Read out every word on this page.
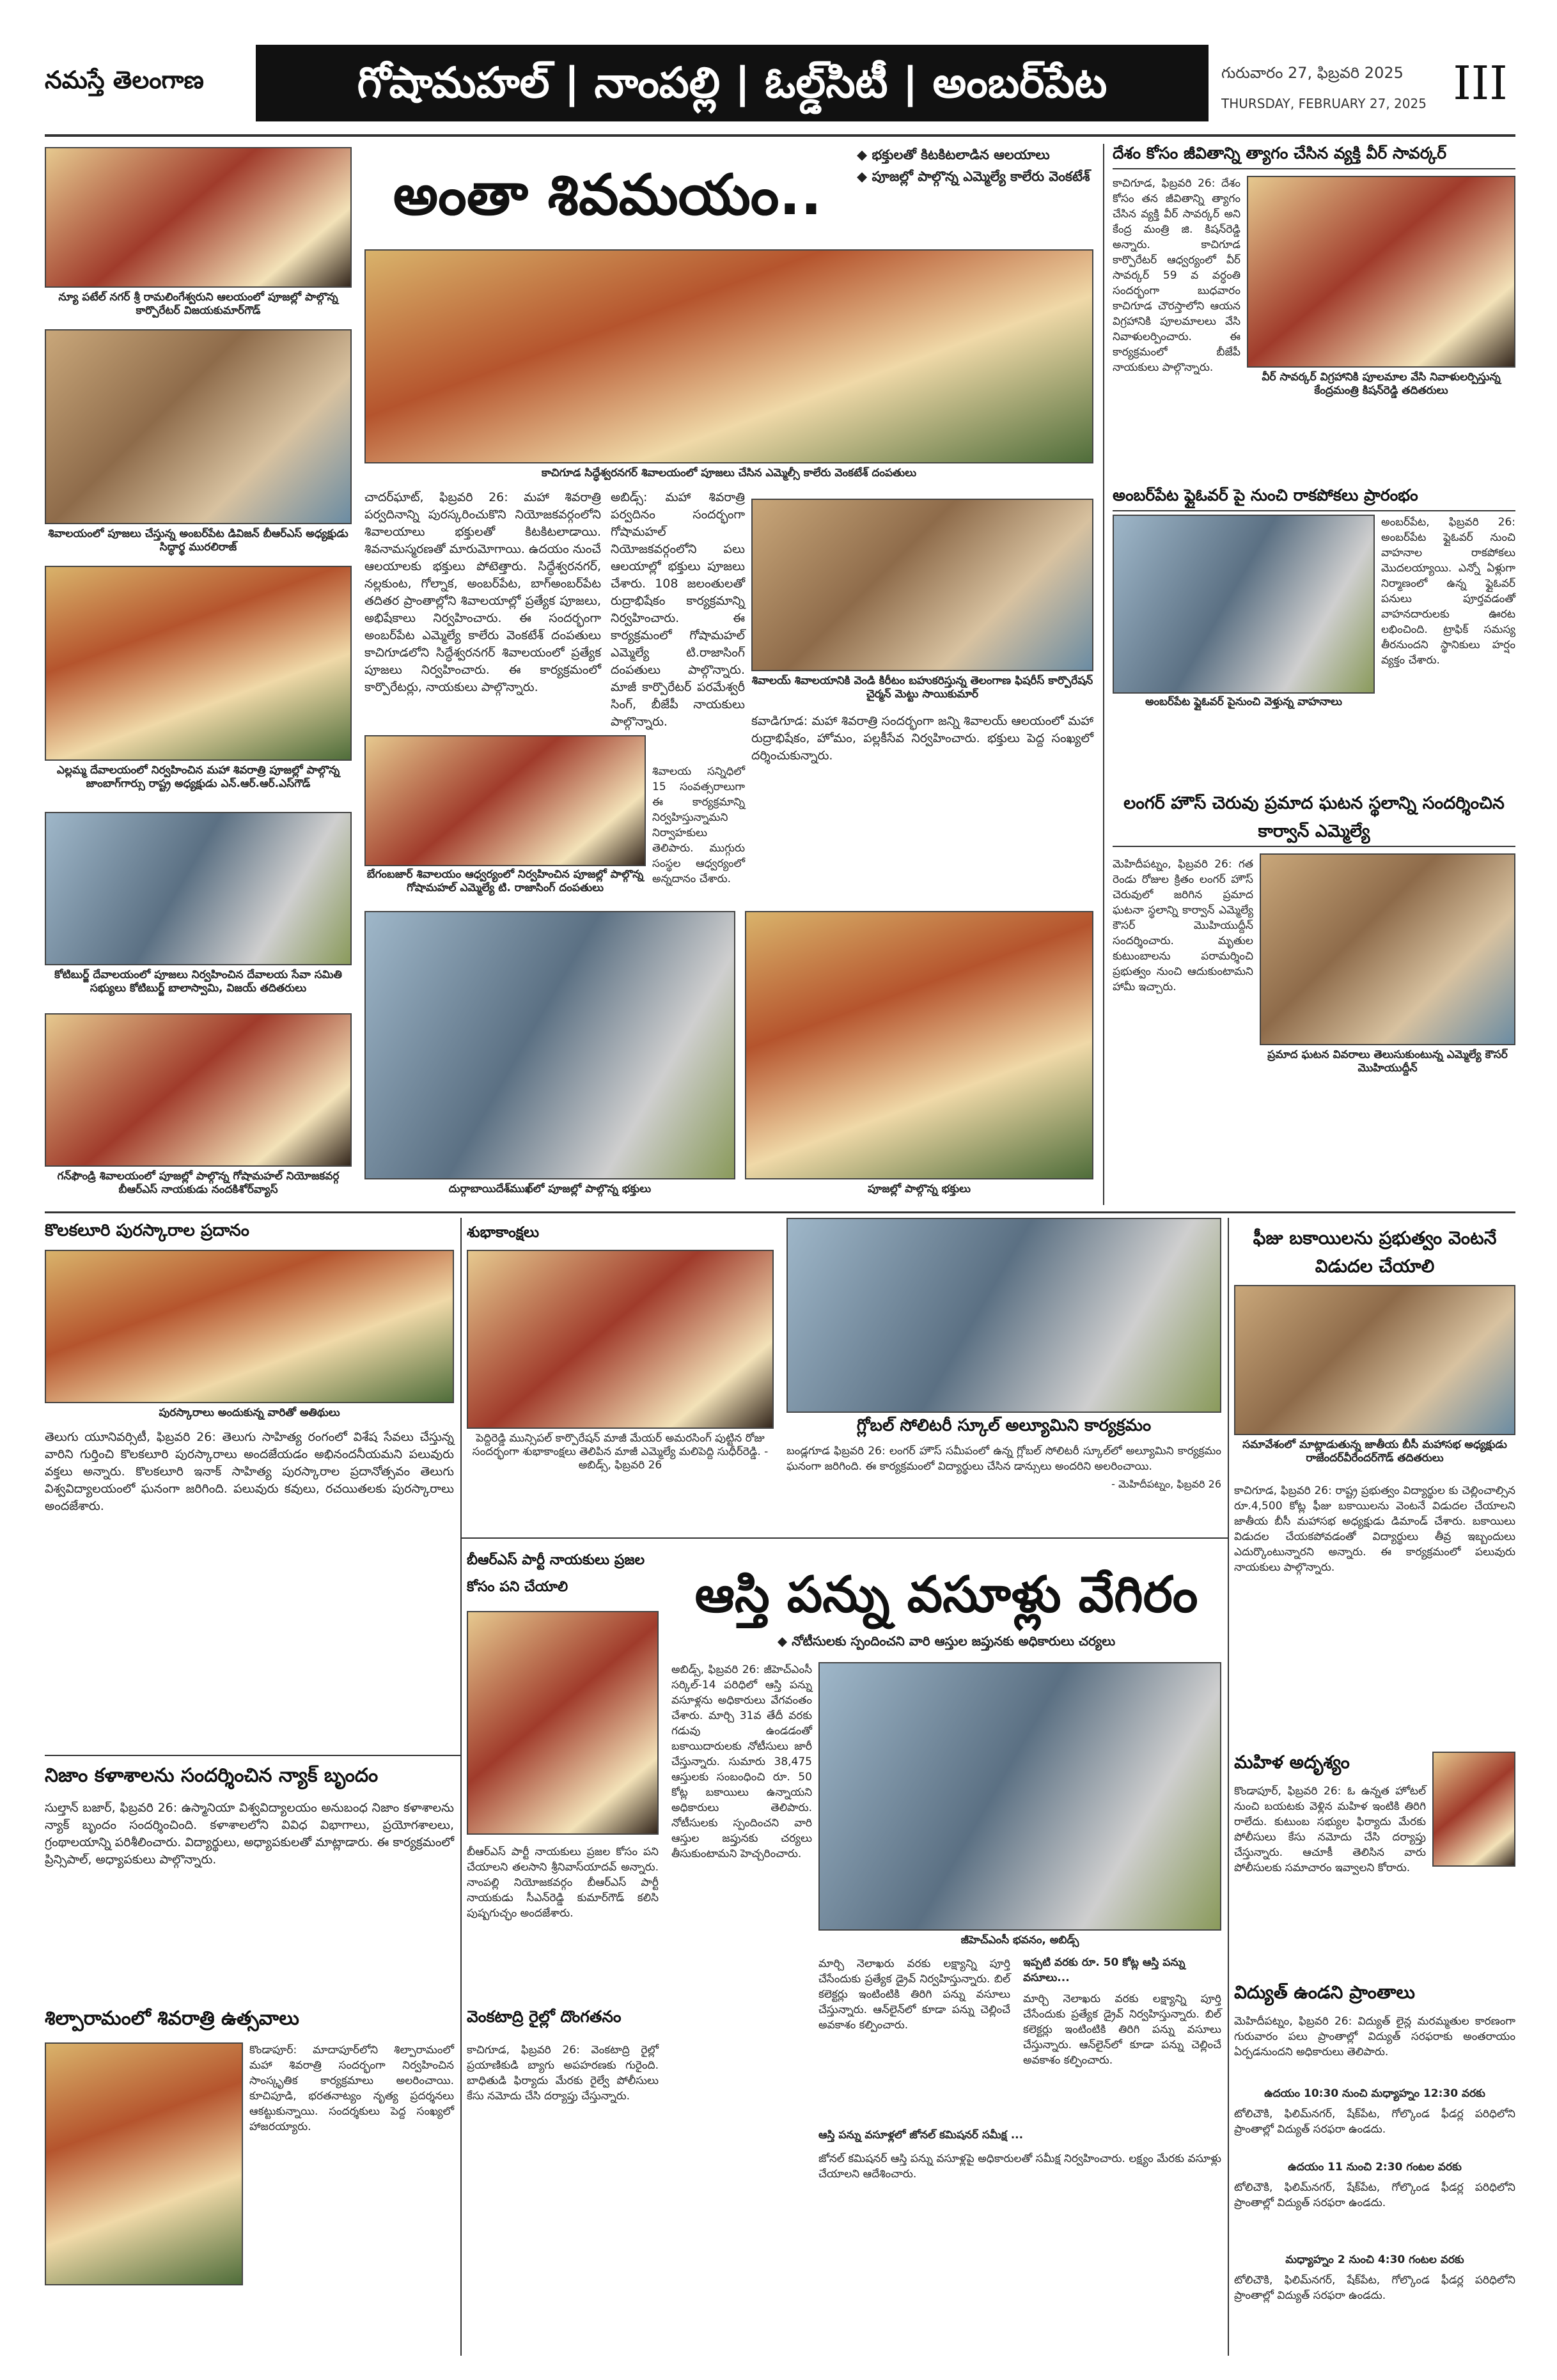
నమస్తే తెలంగాణ	గోషామహల్ | నాంపల్లి | ఓల్డ్‌సిటీ | అంబర్‌పేట	గురువారం 27, ఫిబ్రవరి 2025
THURSDAY, FEBRUARY 27, 2025 III
న్యూ పటేల్ నగర్ శ్రీ రామలింగేశ్వరుని ఆలయంలో పూజల్లో పాల్గొన్న కార్పొరేటర్ విజయకుమార్‌గౌడ్
శివాలయంలో పూజలు చేస్తున్న అంబర్‌పేట డివిజన్ బీఆర్‌ఎస్ అధ్యక్షుడు సిద్ధార్థ మురలిరాజ్
ఎల్లమ్మ దేవాలయంలో నిర్వహించిన మహా శివరాత్రి పూజల్లో పాల్గొన్న జాంబాగ్‌గార్సు రాష్ట్ర అధ్యక్షుడు ఎన్.ఆర్.ఆర్.ఎస్‌గౌడ్
కోటిబుర్జ్ దేవాలయంలో పూజలు నిర్వహించిన దేవాలయ సేవా సమితి సభ్యులు కోటిబుర్జ్ బాలాస్వామి, విజయ్ తదితరులు
గన్‌ఫౌండ్రి శివాలయంలో పూజల్లో పాల్గొన్న గోషామహల్ నియోజకవర్గ బీఆర్‌ఎస్ నాయకుడు నందకిశోర్‌వ్యాస్
అంతా శివమయం..
◆ భక్తులతో కిటకిటలాడిన ఆలయాలు
◆ పూజల్లో పాల్గొన్న ఎమ్మెల్యే కాలేరు వెంకటేశ్
కాచిగూడ సిద్ధేశ్వరనగర్ శివాలయంలో పూజలు చేసిన ఎమ్మెల్సీ కాలేరు వెంకటేశ్ దంపతులు
చాదర్‌ఘాట్, ఫిబ్రవరి 26: మహా శివరాత్రి పర్వదినాన్ని పురస్కరించుకొని నియోజకవర్గంలోని శివాలయాలు భక్తులతో కిటకిటలాడాయి. శివనామస్మరణతో మారుమోగాయి. ఉదయం నుంచే ఆలయాలకు భక్తులు పోటెత్తారు. సిద్ధేశ్వరనగర్, నల్లకుంట, గోల్నాక, అంబర్‌పేట, బాగ్‌అంబర్‌పేట తదితర ప్రాంతాల్లోని శివాలయాల్లో ప్రత్యేక పూజలు, అభిషేకాలు నిర్వహించారు. ఈ సందర్భంగా అంబర్‌పేట ఎమ్మెల్యే కాలేరు వెంకటేశ్ దంపతులు కాచిగూడలోని సిద్ధేశ్వరనగర్ శివాలయంలో ప్రత్యేక పూజలు నిర్వహించారు. ఈ కార్యక్రమంలో కార్పొరేటర్లు, నాయకులు పాల్గొన్నారు.
అబిడ్స్: మహా శివరాత్రి పర్వదినం సందర్భంగా గోషామహల్ నియోజకవర్గంలోని పలు ఆలయాల్లో భక్తులు పూజలు చేశారు. 108 జలంతులతో రుద్రాభిషేకం కార్యక్రమాన్ని నిర్వహించారు. ఈ కార్యక్రమంలో గోషామహల్ ఎమ్మెల్యే టి.రాజాసింగ్ దంపతులు పాల్గొన్నారు. మాజీ కార్పొరేటర్ పరమేశ్వరీ సింగ్, బీజేపీ నాయకులు పాల్గొన్నారు.
శివాలయ్ శివాలయానికి వెండి కిరీటం బహుకరిస్తున్న తెలంగాణ ఫిషరీస్ కార్పొరేషన్ చైర్మన్ మెట్టు సాయికుమార్
కవాడిగూడ: మహా శివరాత్రి సందర్భంగా జన్ని శివాలయ్ ఆలయంలో మహా రుద్రాభిషేకం, హోమం, పల్లకీసేవ నిర్వహించారు. భక్తులు పెద్ద సంఖ్యలో దర్శించుకున్నారు.
బేగంబజార్ శివాలయం ఆధ్వర్యంలో నిర్వహించిన పూజల్లో పాల్గొన్న గోషామహల్ ఎమ్మెల్యే టి. రాజాసింగ్ దంపతులు
శివాలయ సన్నిధిలో 15 సంవత్సరాలుగా ఈ కార్యక్రమాన్ని నిర్వహిస్తున్నామని నిర్వాహకులు తెలిపారు. ముగ్గురు సంస్థల ఆధ్వర్యంలో అన్నదానం చేశారు.
దుర్గాబాయిదేశ్‌ముఖ్‌లో పూజల్లో పాల్గొన్న భక్తులు	పూజల్లో పాల్గొన్న భక్తులు
దేశం కోసం జీవితాన్ని త్యాగం చేసిన వ్యక్తి వీర్ సావర్కర్
కాచిగూడ, ఫిబ్రవరి 26: దేశం కోసం తన జీవితాన్ని త్యాగం చేసిన వ్యక్తి వీర్ సావర్కర్ అని కేంద్ర మంత్రి జి. కిషన్‌రెడ్డి అన్నారు. కాచిగూడ కార్పొరేటర్ ఆధ్వర్యంలో వీర్ సావర్కర్ 59 వ వర్ధంతి సందర్భంగా బుధవారం కాచిగూడ చౌరస్తాలోని ఆయన విగ్రహానికి పూలమాలలు వేసి నివాళులర్పించారు. ఈ కార్యక్రమంలో బీజేపీ నాయకులు పాల్గొన్నారు.
వీర్ సావర్కర్ విగ్రహానికి పూలమాల వేసి నివాళులర్పిస్తున్న కేంద్రమంత్రి కిషన్‌రెడ్డి తదితరులు
అంబర్‌పేట ఫ్లైఓవర్ పై నుంచి రాకపోకలు ప్రారంభం
అంబర్‌పేట ఫ్లైఓవర్ పైనుంచి వెళ్తున్న వాహనాలు
అంబర్‌పేట, ఫిబ్రవరి 26: అంబర్‌పేట ఫ్లైఓవర్ నుంచి వాహనాల రాకపోకలు మొదలయ్యాయి. ఎన్నో ఏళ్లుగా నిర్మాణంలో ఉన్న ఫ్లైఓవర్ పనులు పూర్తవడంతో వాహనదారులకు ఊరట లభించింది. ట్రాఫిక్ సమస్య తీరనుందని స్థానికులు హర్షం వ్యక్తం చేశారు.
లంగర్ హౌస్ చెరువు ప్రమాద ఘటన స్థలాన్ని సందర్శించిన కార్వాన్ ఎమ్మెల్యే
మెహిదీపట్నం, ఫిబ్రవరి 26: గత రెండు రోజుల క్రితం లంగర్ హౌస్ చెరువులో జరిగిన ప్రమాద ఘటనా స్థలాన్ని కార్వాన్ ఎమ్మెల్యే కౌసర్ మొహియుద్దీన్ సందర్శించారు. మృతుల కుటుంబాలను పరామర్శించి ప్రభుత్వం నుంచి ఆదుకుంటామని హామీ ఇచ్చారు.
ప్రమాద ఘటన వివరాలు తెలుసుకుంటున్న ఎమ్మెల్యే కౌసర్ మొహియుద్దీన్
కొలకలూరి పురస్కారాల ప్రదానం
పురస్కారాలు అందుకున్న వారితో అతిథులు
తెలుగు యూనివర్సిటీ, ఫిబ్రవరి 26: తెలుగు సాహిత్య రంగంలో విశేష సేవలు చేస్తున్న వారిని గుర్తించి కొలకలూరి పురస్కారాలు అందజేయడం అభినందనీయమని పలువురు వక్తలు అన్నారు. కొలకలూరి ఇనాక్ సాహిత్య పురస్కారాల ప్రదానోత్సవం తెలుగు విశ్వవిద్యాలయంలో ఘనంగా జరిగింది. పలువురు కవులు, రచయితలకు పురస్కారాలు అందజేశారు.
శుభాకాంక్షలు
పెద్దిరెడ్డి మున్సిపల్ కార్పొరేషన్ మాజీ మేయర్ అమరసింగ్‌ పుట్టిన రోజు సందర్భంగా శుభాకాంక్షలు తెలిపిన మాజీ ఎమ్మెల్యే మలిపెద్ది సుధీర్‌రెడ్డి. - అబిడ్స్, ఫిబ్రవరి 26
గ్లోబల్ సోలిటరీ స్కూల్ అల్యూమిని కార్యక్రమం
బండ్లగూడ ఫిబ్రవరి 26: లంగర్ హౌస్ సమీపంలో ఉన్న గ్లోబల్ సోలిటరీ స్కూల్‌లో అల్యూమిని కార్యక్రమం ఘనంగా జరిగింది. ఈ కార్యక్రమంలో విద్యార్థులు చేసిన డాన్సులు అందరిని అలరించాయి.
- మెహిదీపట్నం, ఫిబ్రవరి 26
ఫీజు బకాయిలను ప్రభుత్వం వెంటనే విడుదల చేయాలి
సమావేశంలో మాట్లాడుతున్న జాతీయ బీసీ మహాసభ అధ్యక్షుడు రాజేందర్‌వీరేందర్‌గౌడ్ తదితరులు
కాచిగూడ, ఫిబ్రవరి 26: రాష్ట్ర ప్రభుత్వం విద్యార్థుల కు చెల్లించాల్సిన రూ.4,500 కోట్ల ఫీజు బకాయిలను వెంటనే విడుదల చేయాలని జాతీయ బీసీ మహాసభ అధ్యక్షుడు డిమాండ్ చేశారు. బకాయిలు విడుదల చేయకపోవడంతో విద్యార్థులు తీవ్ర ఇబ్బందులు ఎదుర్కొంటున్నారని అన్నారు. ఈ కార్యక్రమంలో పలువురు నాయకులు పాల్గొన్నారు.
నిజాం కళాశాలను సందర్శించిన న్యాక్ బృందం
సుల్తాన్ బజార్, ఫిబ్రవరి 26: ఉస్మానియా విశ్వవిద్యాలయం అనుబంధ నిజాం కళాశాలను న్యాక్ బృందం సందర్శించింది. కళాశాలలోని వివిధ విభాగాలు, ప్రయోగశాలలు, గ్రంథాలయాన్ని పరిశీలించారు. విద్యార్థులు, అధ్యాపకులతో మాట్లాడారు. ఈ కార్యక్రమంలో ప్రిన్సిపాల్, అధ్యాపకులు పాల్గొన్నారు.
శిల్పారామంలో శివరాత్రి ఉత్సవాలు
కొండాపూర్: మాదాపూర్‌లోని శిల్పారామంలో మహా శివరాత్రి సందర్భంగా నిర్వహించిన సాంస్కృతిక కార్యక్రమాలు అలరించాయి. కూచిపూడి, భరతనాట్యం నృత్య ప్రదర్శనలు ఆకట్టుకున్నాయి. సందర్శకులు పెద్ద సంఖ్యలో హాజరయ్యారు.
బీఆర్‌ఎస్ పార్టీ నాయకులు ప్రజల కోసం పని చేయాలి
బీఆర్‌ఎస్ పార్టీ నాయకులు ప్రజల కోసం పని చేయాలని తలసాని శ్రీనివాస్‌యాదవ్ అన్నారు. నాంపల్లి నియోజకవర్గం బీఆర్‌ఎస్ పార్టీ నాయకుడు సీఎన్‌రెడ్డి కుమార్‌గౌడ్ కలిసి పుష్పగుచ్ఛం అందజేశారు.
వెంకటాద్రి రైల్లో దొంగతనం
కాచిగూడ, ఫిబ్రవరి 26: వెంకటాద్రి రైల్లో ప్రయాణికుడి బ్యాగు అపహరణకు గురైంది. బాధితుడి ఫిర్యాదు మేరకు రైల్వే పోలీసులు కేసు నమోదు చేసి దర్యాప్తు చేస్తున్నారు.
ఆస్తి పన్ను వసూళ్లు వేగిరం
◆ నోటీసులకు స్పందించని వారి ఆస్తుల జప్తునకు అధికారులు చర్యలు
అబిడ్స్, ఫిబ్రవరి 26: జీహెచ్‌ఎంసీ సర్కిల్-14 పరిధిలో ఆస్తి పన్ను వసూళ్లను అధికారులు వేగవంతం చేశారు. మార్చి 31వ తేదీ వరకు గడువు ఉండడంతో బకాయిదారులకు నోటీసులు జారీ చేస్తున్నారు. సుమారు 38,475 ఆస్తులకు సంబంధించి రూ. 50 కోట్ల బకాయిలు ఉన్నాయని అధికారులు తెలిపారు. నోటీసులకు స్పందించని వారి ఆస్తుల జప్తునకు చర్యలు తీసుకుంటామని హెచ్చరించారు.
జీహెచ్‌ఎంసీ భవనం, అబిడ్స్
మార్చి నెలాఖరు వరకు లక్ష్యాన్ని పూర్తి చేసేందుకు ప్రత్యేక డ్రైవ్ నిర్వహిస్తున్నారు. బిల్ కలెక్టర్లు ఇంటింటికి తిరిగి పన్ను వసూలు చేస్తున్నారు. ఆన్‌లైన్‌లో కూడా పన్ను చెల్లించే అవకాశం కల్పించారు.
ఇప్పటి వరకు రూ. 50 కోట్ల ఆస్తి పన్ను వసూలు...
మార్చి నెలాఖరు వరకు లక్ష్యాన్ని పూర్తి చేసేందుకు ప్రత్యేక డ్రైవ్ నిర్వహిస్తున్నారు. బిల్ కలెక్టర్లు ఇంటింటికి తిరిగి పన్ను వసూలు చేస్తున్నారు. ఆన్‌లైన్‌లో కూడా పన్ను చెల్లించే అవకాశం కల్పించారు.
ఆస్తి పన్ను వసూళ్లలో జోనల్ కమిషనర్ సమీక్ష ...
జోనల్ కమిషనర్ ఆస్తి పన్ను వసూళ్లపై అధికారులతో సమీక్ష నిర్వహించారు. లక్ష్యం మేరకు వసూళ్లు చేయాలని ఆదేశించారు.
మహిళ అదృశ్యం
కొండాపూర్, ఫిబ్రవరి 26: ఓ ఉన్నత హోటల్ నుంచి బయటకు వెళ్లిన మహిళ ఇంటికి తిరిగి రాలేదు. కుటుంబ సభ్యుల ఫిర్యాదు మేరకు పోలీసులు కేసు నమోదు చేసి దర్యాప్తు చేస్తున్నారు. ఆచూకీ తెలిసిన వారు పోలీసులకు సమాచారం ఇవ్వాలని కోరారు.
విద్యుత్ ఉండని ప్రాంతాలు
మెహిదీపట్నం, ఫిబ్రవరి 26: విద్యుత్ లైన్ల మరమ్మతుల కారణంగా గురువారం పలు ప్రాంతాల్లో విద్యుత్ సరఫరాకు అంతరాయం ఏర్పడనుందని అధికారులు తెలిపారు.
ఉదయం 10:30 నుంచి మధ్యాహ్నం 12:30 వరకు
టోలిచౌకి, ఫిలిమ్‌నగర్, షేక్‌పేట, గోల్కొండ ఫీడర్ల పరిధిలోని ప్రాంతాల్లో విద్యుత్ సరఫరా ఉండదు.
ఉదయం 11 నుంచి 2:30 గంటల వరకు
టోలిచౌకి, ఫిలిమ్‌నగర్, షేక్‌పేట, గోల్కొండ ఫీడర్ల పరిధిలోని ప్రాంతాల్లో విద్యుత్ సరఫరా ఉండదు.
మధ్యాహ్నం 2 నుంచి 4:30 గంటల వరకు
టోలిచౌకి, ఫిలిమ్‌నగర్, షేక్‌పేట, గోల్కొండ ఫీడర్ల పరిధిలోని ప్రాంతాల్లో విద్యుత్ సరఫరా ఉండదు.
